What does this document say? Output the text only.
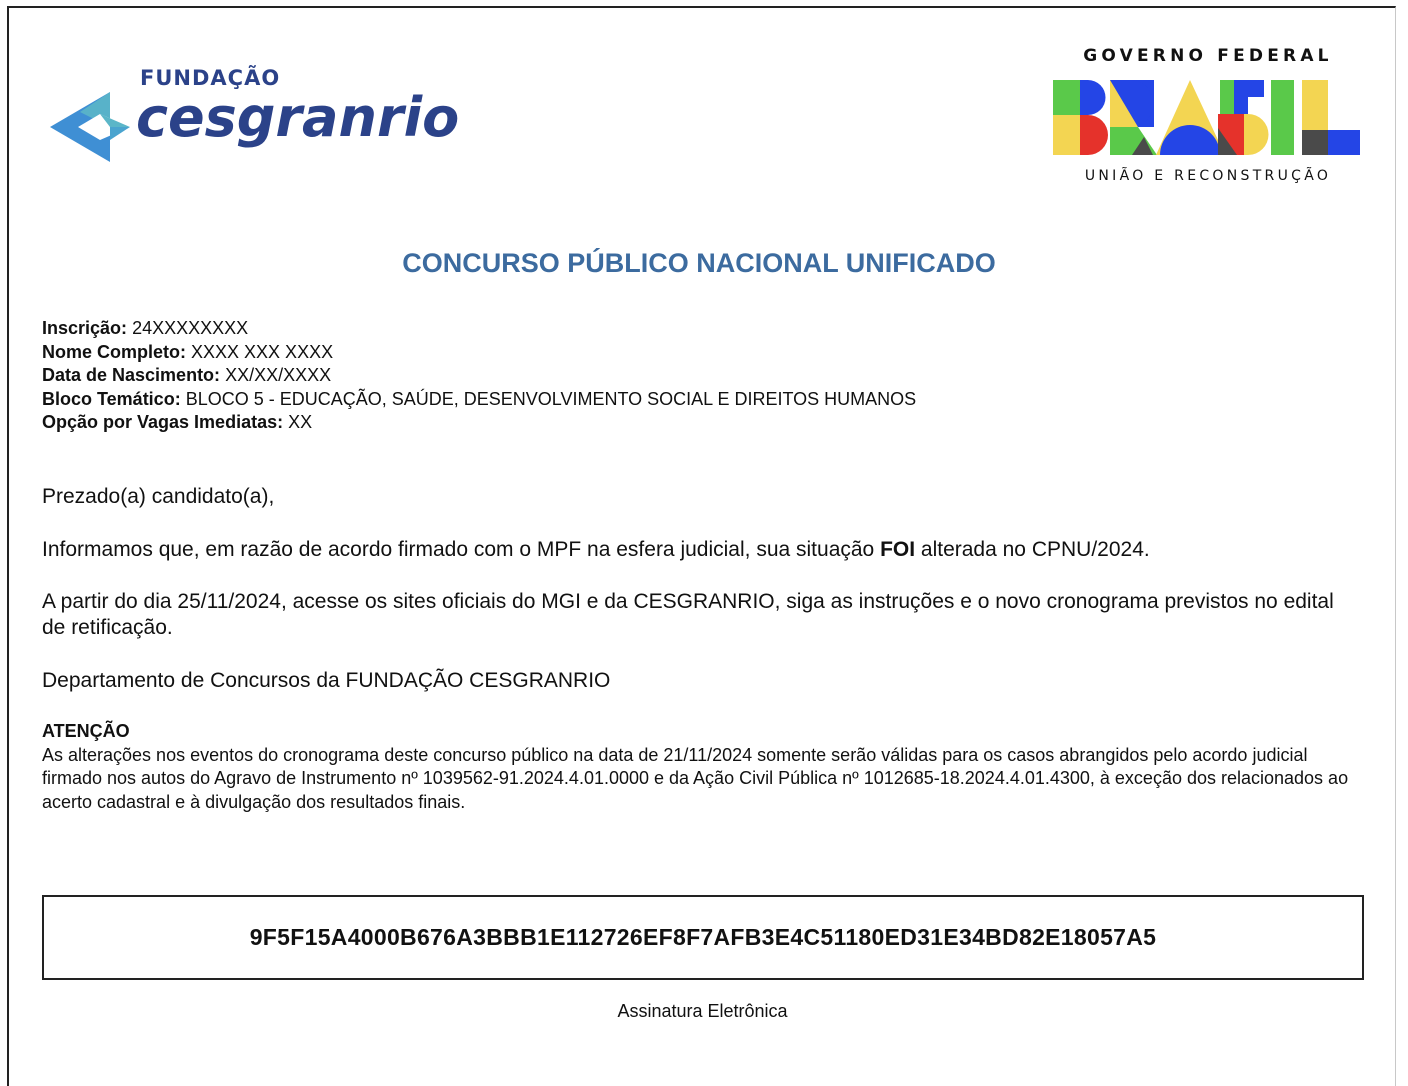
FUNDAÇÃO
cesgranrio
GOVERNO FEDERAL
UNIÃO E RECONSTRUÇÃO
CONCURSO PÚBLICO NACIONAL UNIFICADO
Inscrição: 24XXXXXXXX
Nome Completo: XXXX XXX XXXX
Data de Nascimento: XX/XX/XXXX
Bloco Temático: BLOCO 5 - EDUCAÇÃO, SAÚDE, DESENVOLVIMENTO SOCIAL E DIREITOS HUMANOS
Opção por Vagas Imediatas: XX
Prezado(a) candidato(a),
Informamos que, em razão de acordo firmado com o MPF na esfera judicial, sua situação FOI alterada no CPNU/2024.
A partir do dia 25/11/2024, acesse os sites oficiais do MGI e da CESGRANRIO, siga as instruções e o novo cronograma previstos no edital de retificação.
Departamento de Concursos da FUNDAÇÃO CESGRANRIO
ATENÇÃO
As alterações nos eventos do cronograma deste concurso público na data de 21/11/2024 somente serão válidas para os casos abrangidos pelo acordo judicial firmado nos autos do Agravo de Instrumento nº 1039562-91.2024.4.01.0000 e da Ação Civil Pública nº 1012685-18.2024.4.01.4300, à exceção dos relacionados ao acerto cadastral e à divulgação dos resultados finais.
9F5F15A4000B676A3BBB1E112726EF8F7AFB3E4C51180ED31E34BD82E18057A5
Assinatura Eletrônica
